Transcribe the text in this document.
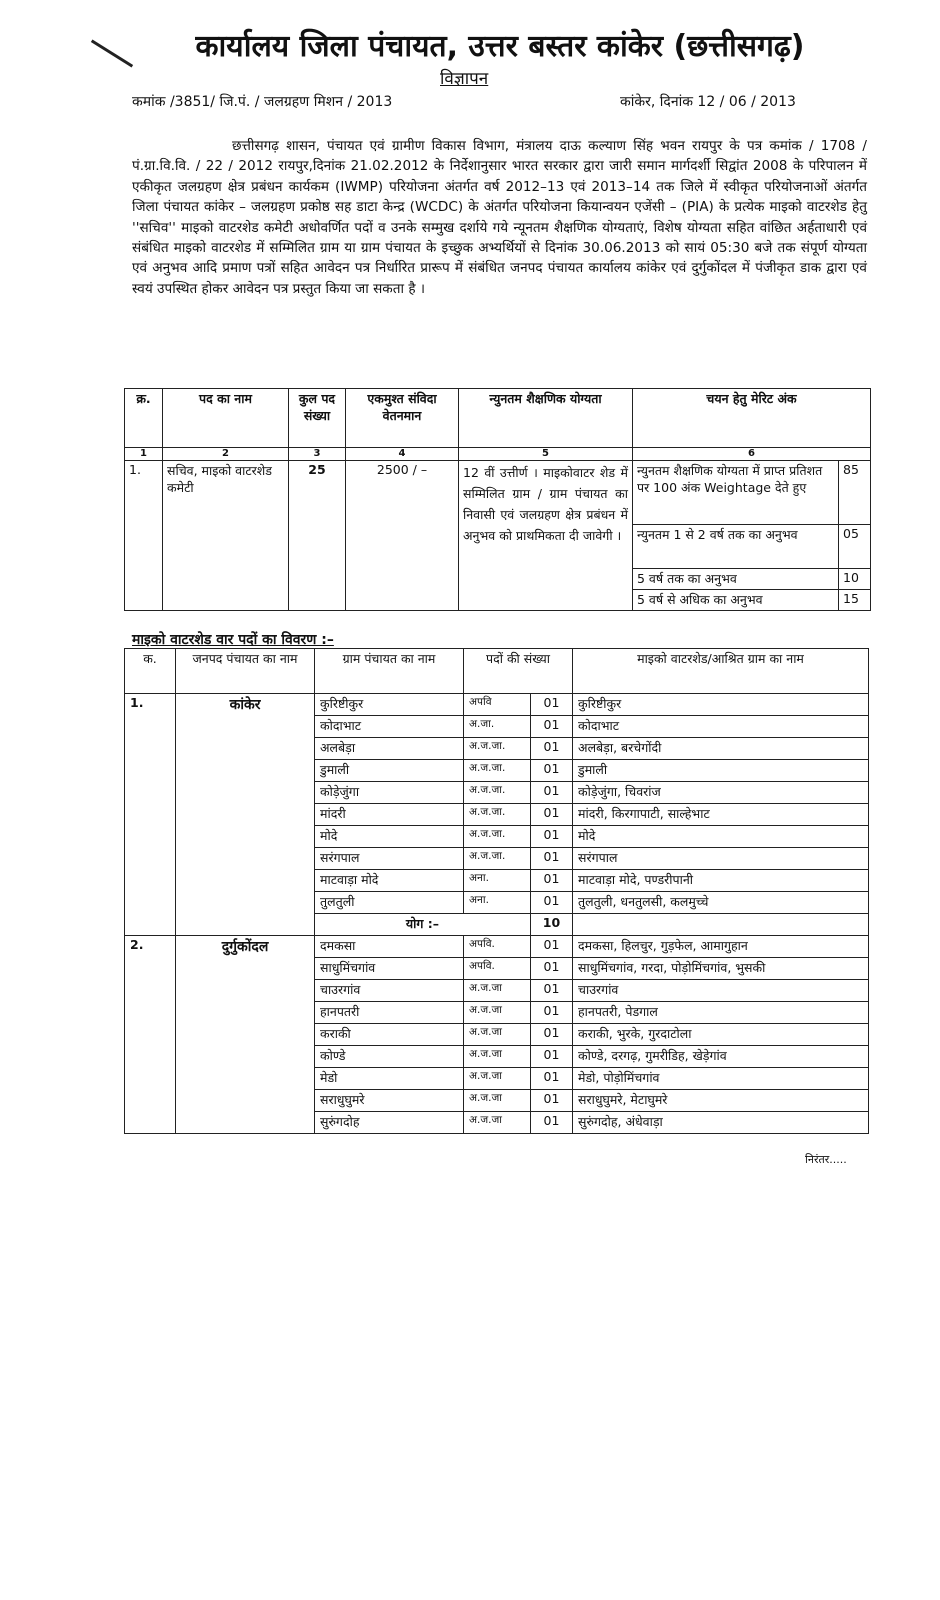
कार्यालय जिला पंचायत, उत्तर बस्तर कांकेर (छत्तीसगढ़)
विज्ञापन
कमांक /3851/ जि.पं. / जलग्रहण मिशन / 2013	कांकेर, दिनांक 12 / 06 / 2013
छत्तीसगढ़ शासन, पंचायत एवं ग्रामीण विकास विभाग, मंत्रालय दाऊ कल्याण सिंह भवन रायपुर के पत्र कमांक / 1708 / पं.ग्रा.वि.वि. / 22 / 2012 रायपुर,दिनांक 21.02.2012 के निर्देशानुसार भारत सरकार द्वारा जारी समान मार्गदर्शी सिद्वांत 2008 के परिपालन में एकीकृत जलग्रहण क्षेत्र प्रबंधन कार्यकम (IWMP) परियोजना अंतर्गत वर्ष 2012–13 एवं 2013–14 तक जिले में स्वीकृत परियोजनाओं अंतर्गत जिला पंचायत कांकेर – जलग्रहण प्रकोष्ठ सह डाटा केन्द्र (WCDC) के अंतर्गत परियोजना कियान्वयन एजेंसी – (PIA) के प्रत्येक माइको वाटरशेड हेतु ''सचिव'' माइको वाटरशेड कमेटी अधोवर्णित पदों व उनके सम्मुख दर्शाये गये न्यूनतम शैक्षणिक योग्यताएं, विशेष योग्यता सहित वांछित अर्हताधारी एवं संबंधित माइको वाटरशेड में सम्मिलित ग्राम या ग्राम पंचायत के इच्छुक अभ्यर्थियों से दिनांक 30.06.2013 को सायं 05:30 बजे तक संपूर्ण योग्यता एवं अनुभव आदि प्रमाण पत्रों सहित आवेदन पत्र निर्धारित प्रारूप में संबंधित जनपद पंचायत कार्यालय कांकेर एवं दुर्गुकोंदल में पंजीकृत डाक द्वारा एवं स्वयं उपस्थित होकर आवेदन पत्र प्रस्तुत किया जा सकता है ।
क्र.	पद का नाम	कुल पद संख्या	एकमुश्त संविदा वेतनमान	न्युनतम शैक्षणिक योग्यता	चयन हेतु मेरिट अंक	
1	2	3	4	5	6	
1.	सचिव, माइको वाटरशेड कमेटी	25	2500 / –	12 वीं उत्तीर्ण । माइकोवाटर शेड में सम्मिलित ग्राम / ग्राम पंचायत का निवासी एवं जलग्रहण क्षेत्र प्रबंधन में अनुभव को प्राथमिकता दी जावेगी ।	न्युनतम शैक्षणिक योग्यता में प्राप्त प्रतिशत पर 100 अंक Weightage देते हुए	85
					न्युनतम 1 से 2 वर्ष तक का अनुभव	05
					5 वर्ष तक का अनुभव	10
					5 वर्ष से अधिक का अनुभव	15
माइको वाटरशेड वार पदों का विवरण :–
क.	जनपद पंचायत का नाम	ग्राम पंचायत का नाम	पदों की संख्या		माइको वाटरशेड/आश्रित ग्राम का नाम
1.	कांकेर	कुरिष्टीकुर	अपवि	01	कुरिष्टीकुर
		कोदाभाट	अ.जा.	01	कोदाभाट
		अलबेड़ा	अ.ज.जा.	01	अलबेड़ा, बरचेगोंदी
		डुमाली	अ.ज.जा.	01	डुमाली
		कोड़ेजुंगा	अ.ज.जा.	01	कोड़ेजुंगा, चिवरांज
		मांदरी	अ.ज.जा.	01	मांदरी, किरगापाटी, साल्हेभाट
		मोदे	अ.ज.जा.	01	मोदे
		सरंगपाल	अ.ज.जा.	01	सरंगपाल
		माटवाड़ा मोदे	अना.	01	माटवाड़ा मोदे, पण्डरीपानी
		तुलतुली	अना.	01	तुलतुली, धनतुलसी, कलमुच्चे
		योग :–		10	
2.	दुर्गुकोंदल	दमकसा	अपवि.	01	दमकसा, हिलचुर, गुड़फेल, आमागुहान
		साधुमिंचगांव	अपवि.	01	साधुमिंचगांव, गरदा, पोड़ोमिंचगांव, भुसकी
		चाउरगांव	अ.ज.जा	01	चाउरगांव
		हानपतरी	अ.ज.जा	01	हानपतरी, पेडगाल
		कराकी	अ.ज.जा	01	कराकी, भुरके, गुरदाटोला
		कोण्डे	अ.ज.जा	01	कोण्डे, दरगढ़, गुमरीडिह, खेड़ेगांव
		मेडो	अ.ज.जा	01	मेडो, पोड़ोमिंचगांव
		सराधुघुमरे	अ.ज.जा	01	सराधुघुमरे, मेटाघुमरे
		सुरुंगदोह	अ.ज.जा	01	सुरुंगदोह, अंधेवाड़ा
निरंतर.....
